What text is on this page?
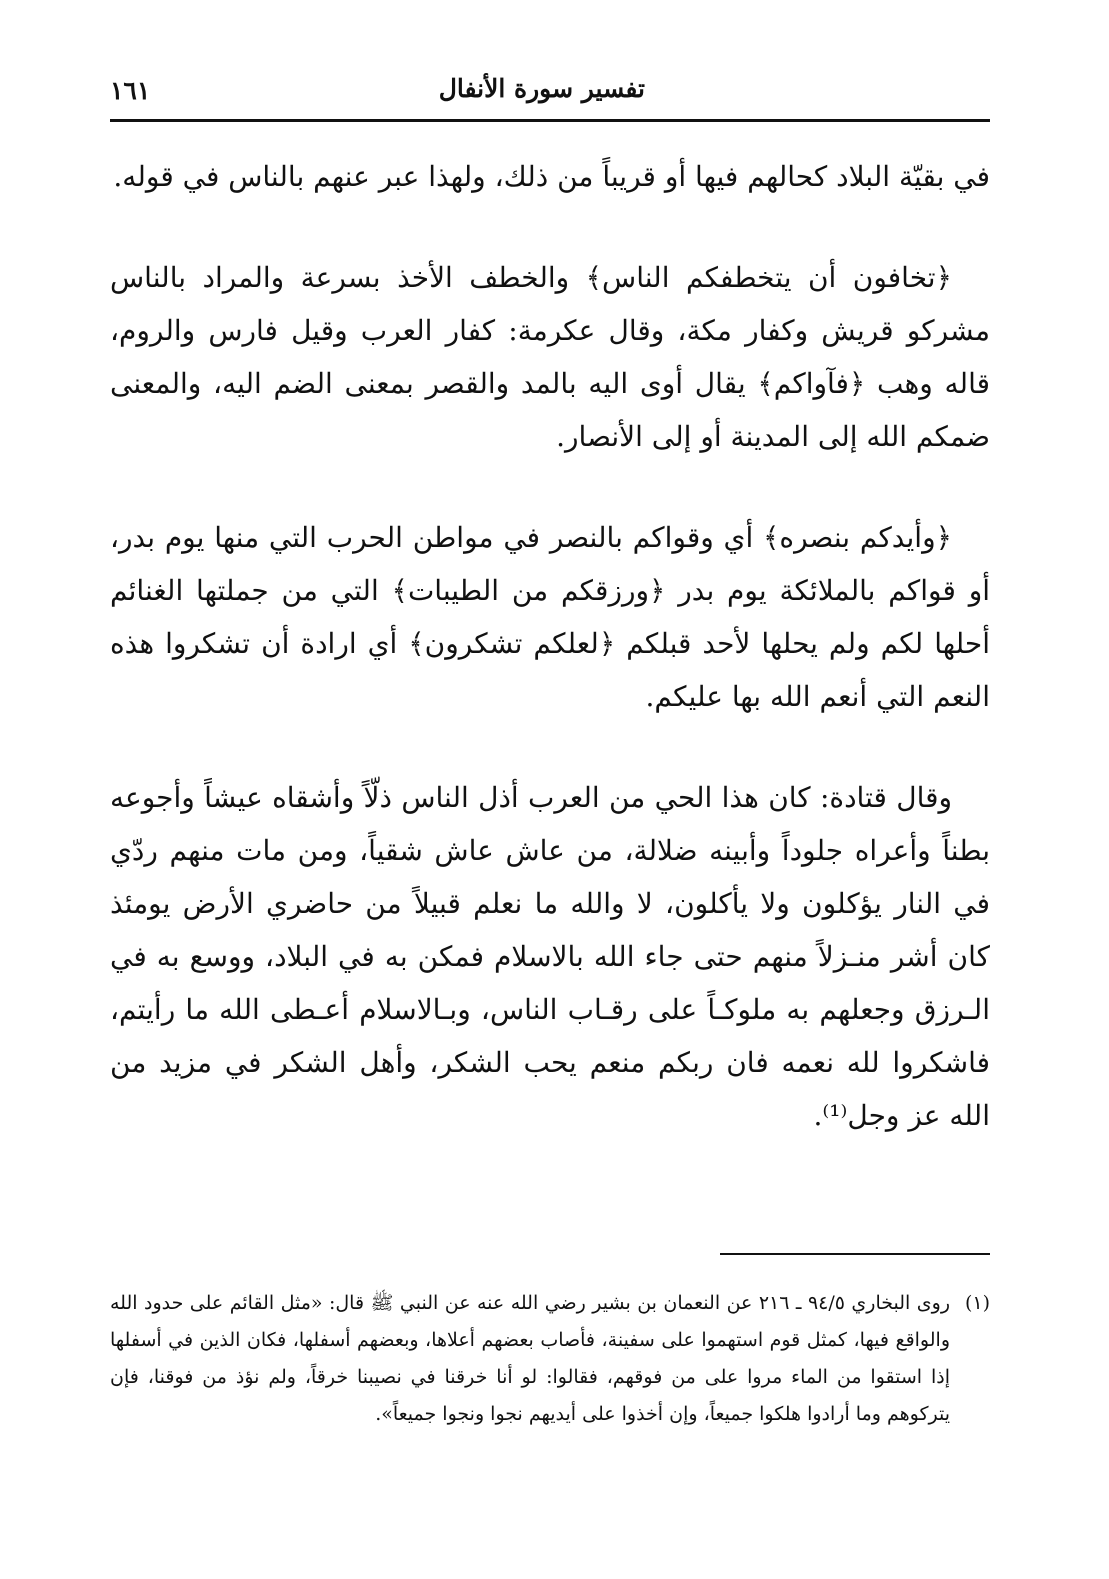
تفسير سورة الأنفال
١٦١

في بقيّة البلاد كحالهم فيها أو قريباً من ذلك، ولهذا عبر عنهم بالناس في قوله.

﴿تخافون أن يتخطفكم الناس﴾ والخطف الأخذ بسرعة والمراد بالناس مشركو قريش وكفار مكة، وقال عكرمة: كفار العرب وقيل فارس والروم، قاله وهب ﴿فآواكم﴾ يقال أوى اليه بالمد والقصر بمعنى الضم اليه، والمعنى ضمكم الله إلى المدينة أو إلى الأنصار.

﴿وأيدكم بنصره﴾ أي وقواكم بالنصر في مواطن الحرب التي منها يوم بدر، أو قواكم بالملائكة يوم بدر ﴿ورزقكم من الطيبات﴾ التي من جملتها الغنائم أحلها لكم ولم يحلها لأحد قبلكم ﴿لعلكم تشكرون﴾ أي ارادة أن تشكروا هذه النعم التي أنعم الله بها عليكم.

وقال قتادة: كان هذا الحي من العرب أذل الناس ذلّاً وأشقاه عيشاً وأجوعه بطناً وأعراه جلوداً وأبينه ضلالة، من عاش عاش شقياً، ومن مات منهم ردّي في النار يؤكلون ولا يأكلون، لا والله ما نعلم قبيلاً من حاضري الأرض يومئذ كان أشر منـزلاً منهم حتى جاء الله بالاسلام فمكن به في البلاد، ووسع به في الـرزق وجعلهم به ملوكـاً على رقـاب الناس، وبـالاسلام أعـطى الله ما رأيتم، فاشكروا لله نعمه فان ربكم منعم يحب الشكر، وأهل الشكر في مزيد من الله عز وجل⁽¹⁾.

(١)
روى البخاري ٩٤/٥ ـ ٢١٦ عن النعمان بن بشير رضي الله عنه عن النبي ﷺ قال: «مثل القائم على حدود الله والواقع فيها، كمثل قوم استهموا على سفينة، فأصاب بعضهم أعلاها، وبعضهم أسفلها، فكان الذين في أسفلها إذا استقوا من الماء مروا على من فوقهم، فقالوا: لو أنا خرقنا في نصيبنا خرقاً، ولم نؤذ من فوقنا، فإن يتركوهم وما أرادوا هلكوا جميعاً، وإن أخذوا على أيديهم نجوا ونجوا جميعاً».
